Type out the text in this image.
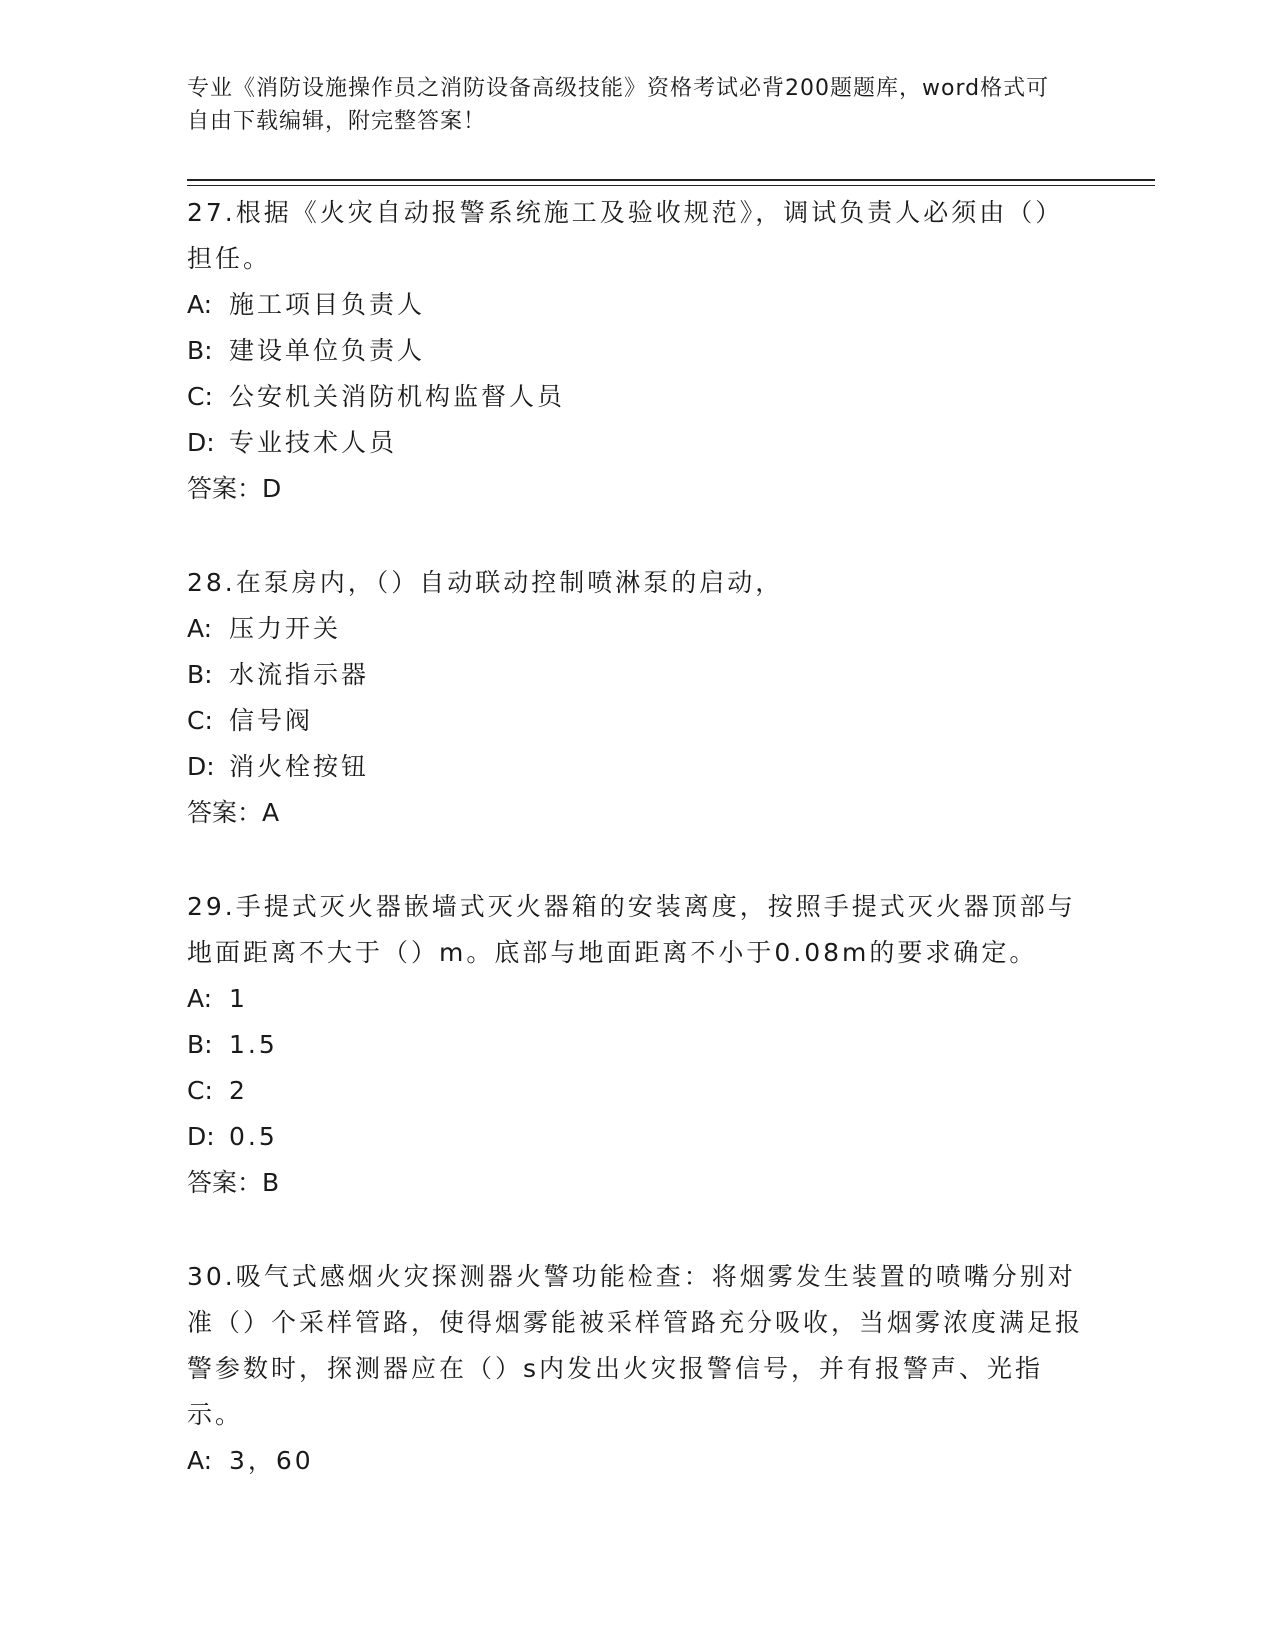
专业《消防设施操作员之消防设备高级技能》资格考试必背200题题库，word格式可自由下载编辑，附完整答案！

27.根据《火灾自动报警系统施工及验收规范》，调试负责人必须由（）担任。

A: 施工项目负责人

B: 建设单位负责人

C: 公安机关消防机构监督人员

D: 专业技术人员

答案：D

28.在泵房内，（）自动联动控制喷淋泵的启动，

A: 压力开关

B: 水流指示器

C: 信号阀

D: 消火栓按钮

答案：A

29.手提式灭火器嵌墙式灭火器箱的安装离度，按照手提式灭火器顶部与地面距离不大于（）m。底部与地面距离不小于0.08m的要求确定。

A: 1

B: 1.5

C: 2

D: 0.5

答案：B

30.吸气式感烟火灾探测器火警功能检查：将烟雾发生装置的喷嘴分别对准（）个采样管路，使得烟雾能被采样管路充分吸收，当烟雾浓度满足报警参数时，探测器应在（）s内发出火灾报警信号，并有报警声、光指示。

A: 3，60
